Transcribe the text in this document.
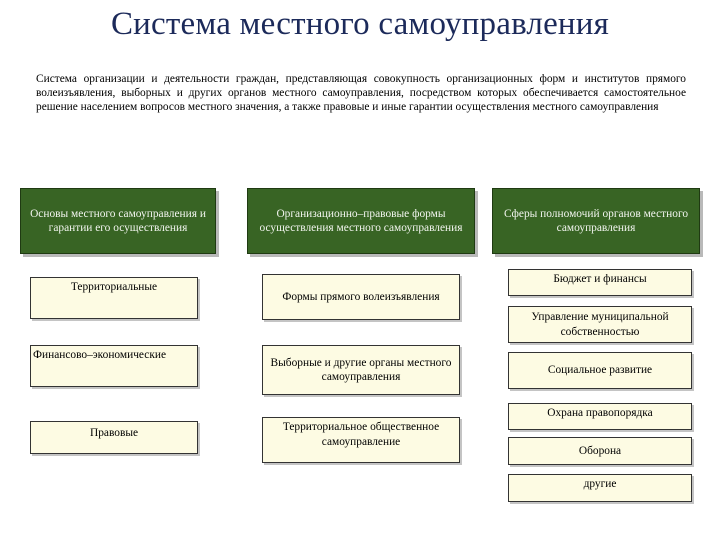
Система местного самоуправления
Система организации и деятельности граждан, представляющая совокупность организационных форм и институтов прямого волеизъявления, выборных и других органов местного самоуправления, посредством которых обеспечивается самостоятельное решение населением вопросов местного значения, а также правовые и иные гарантии осуществления местного самоуправления
Основы местного самоуправления и гарантии его осуществления
Организационно–правовые формы осуществления местного самоуправления
Сферы полномочий органов местного самоуправления
Территориальные
Финансово–экономические
Правовые
Формы прямого волеизъявления
Выборные и другие органы местного самоуправления
Территориальное общественное самоуправление
Бюджет и финансы
Управление муниципальной собственностью
Социальное развитие
Охрана правопорядка
Оборона
другие
